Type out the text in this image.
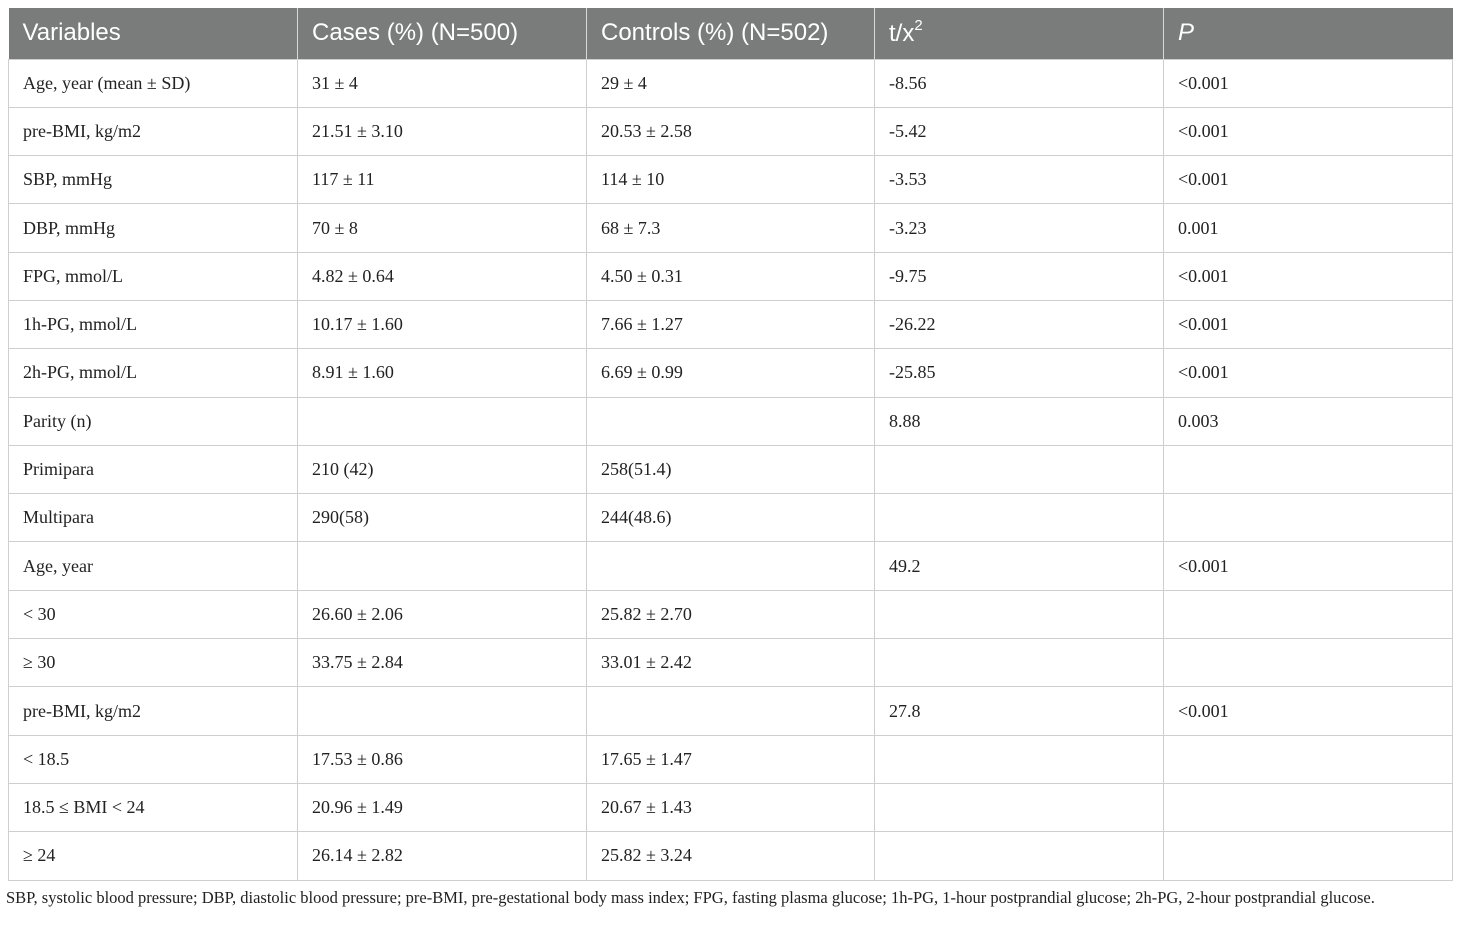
Variables	Cases (%) (N=500)	Controls (%) (N=502)	$t/x^2$	P
Age, year (mean ± SD)	31 ± 4	29 ± 4	-8.56	<0.001
pre-BMI, kg/m2	21.51 ± 3.10	20.53 ± 2.58	-5.42	<0.001
SBP, mmHg	117 ± 11	114 ± 10	-3.53	<0.001
DBP, mmHg	70 ± 8	68 ± 7.3	-3.23	0.001
FPG, mmol/L	4.82 ± 0.64	4.50 ± 0.31	-9.75	<0.001
1h-PG, mmol/L	10.17 ± 1.60	7.66 ± 1.27	-26.22	<0.001
2h-PG, mmol/L	8.91 ± 1.60	6.69 ± 0.99	-25.85	<0.001
Parity (n)			8.88	0.003
Primipara	210 (42)	258(51.4)		
Multipara	290(58)	244(48.6)		
Age, year			49.2	<0.001
< 30	26.60 ± 2.06	25.82 ± 2.70		
≥ 30	33.75 ± 2.84	33.01 ± 2.42		
pre-BMI, kg/m2			27.8	<0.001
< 18.5	17.53 ± 0.86	17.65 ± 1.47		
18.5 ≤ BMI < 24	20.96 ± 1.49	20.67 ± 1.43		
≥ 24	26.14 ± 2.82	25.82 ± 3.24		
SBP, systolic blood pressure; DBP, diastolic blood pressure; pre-BMI, pre-gestational body mass index; FPG, fasting plasma glucose; 1h-PG, 1-hour postprandial glucose; 2h-PG, 2-hour postprandial glucose.
